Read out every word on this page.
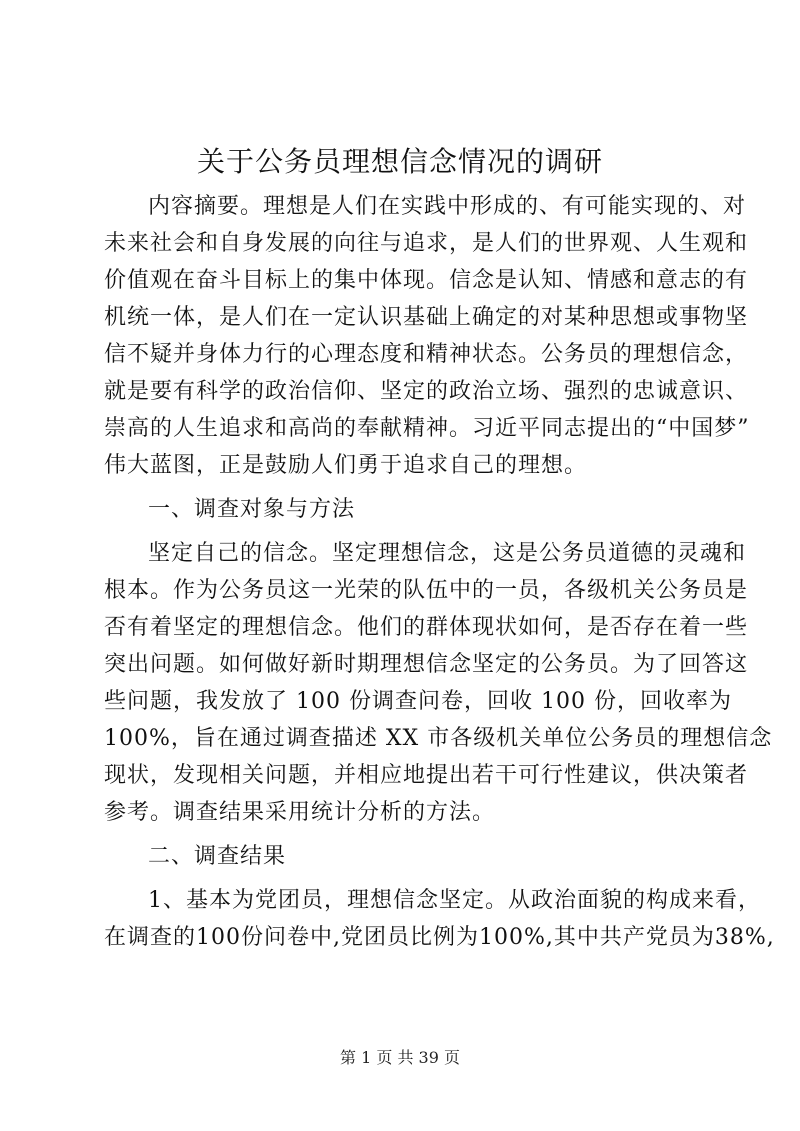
关于公务员理想信念情况的调研
内容摘要。理想是人们在实践中形成的、有可能实现的、对
未来社会和自身发展的向往与追求，是人们的世界观、人生观和
价值观在奋斗目标上的集中体现。信念是认知、情感和意志的有
机统一体，是人们在一定认识基础上确定的对某种思想或事物坚
信不疑并身体力行的心理态度和精神状态。公务员的理想信念，
就是要有科学的政治信仰、坚定的政治立场、强烈的忠诚意识、
崇高的人生追求和高尚的奉献精神。习近平同志提出的“中国梦”
伟大蓝图，正是鼓励人们勇于追求自己的理想。
一、调查对象与方法
坚定自己的信念。坚定理想信念，这是公务员道德的灵魂和
根本。作为公务员这一光荣的队伍中的一员，各级机关公务员是
否有着坚定的理想信念。他们的群体现状如何，是否存在着一些
突出问题。如何做好新时期理想信念坚定的公务员。为了回答这
些问题，我发放了 100 份调查问卷，回收 100 份，回收率为
100%，旨在通过调查描述 XX 市各级机关单位公务员的理想信念
现状，发现相关问题，并相应地提出若干可行性建议，供决策者
参考。调查结果采用统计分析的方法。
二、调查结果
1、基本为党团员，理想信念坚定。从政治面貌的构成来看，
在调查的100份问卷中,党团员比例为100%,其中共产党员为38%,
第 1 页 共 39 页
